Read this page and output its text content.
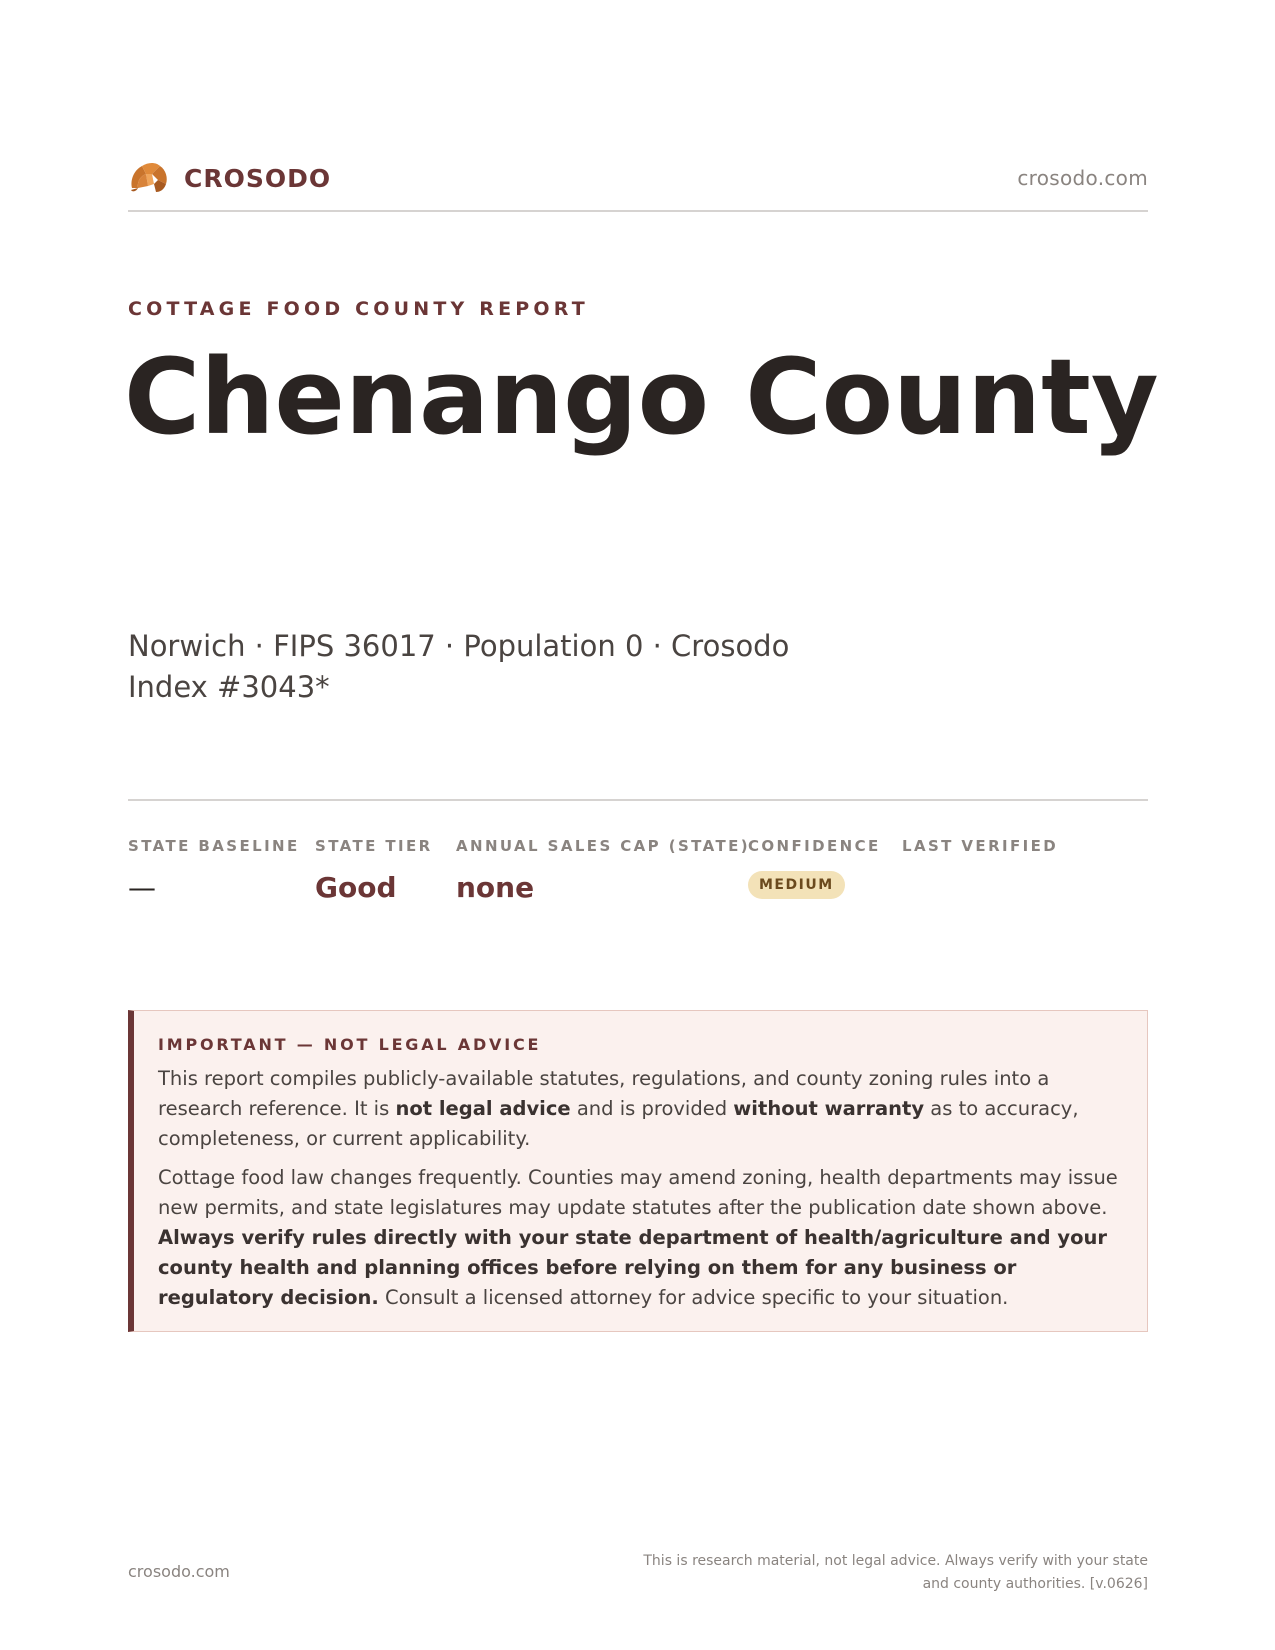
CROSODO	crosodo.com
COTTAGE FOOD COUNTY REPORT
Chenango County
Norwich · FIPS 36017 · Population 0 · Crosodo Index #3043*
STATE BASELINE
—
STATE TIER
Good
ANNUAL SALES CAP (STATE)
none
CONFIDENCE
MEDIUM
LAST VERIFIED
IMPORTANT — NOT LEGAL ADVICE

This report compiles publicly-available statutes, regulations, and county zoning rules into a research reference. It is not legal advice and is provided without warranty as to accuracy, completeness, or current applicability.

Cottage food law changes frequently. Counties may amend zoning, health departments may issue new permits, and state legislatures may update statutes after the publication date shown above. Always verify rules directly with your state department of health/agriculture and your county health and planning offices before relying on them for any business or regulatory decision. Consult a licensed attorney for advice specific to your situation.

crosodo.com
This is research material, not legal advice. Always verify with your state and county authorities. [v.0626]
